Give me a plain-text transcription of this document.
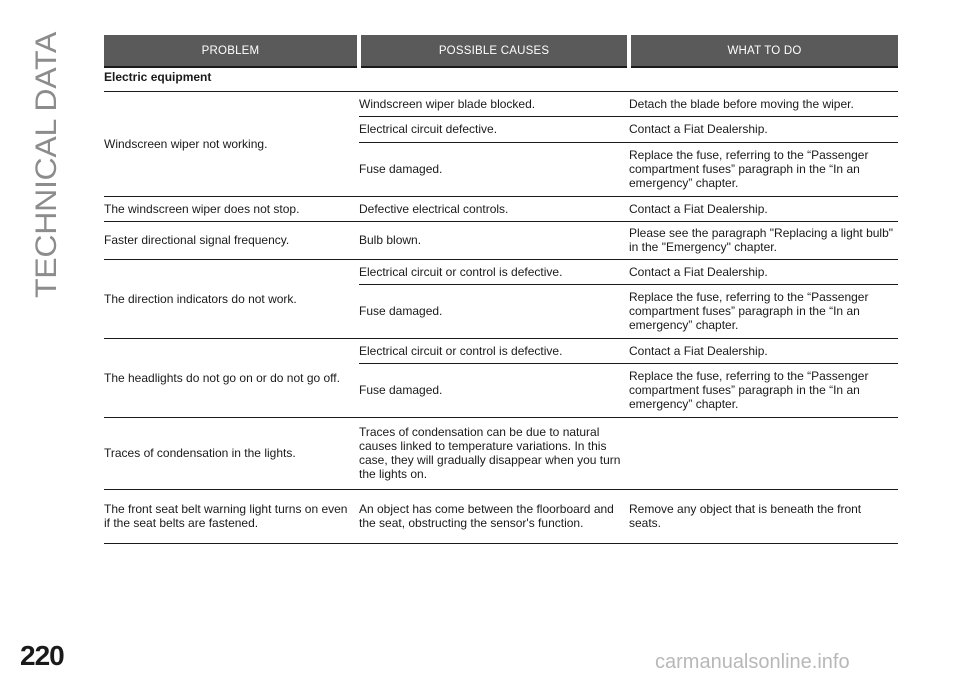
TECHNICAL DATA	PROBLEM	POSSIBLE CAUSES	WHAT TO DO
Electric equipment		
Windscreen wiper not working.	Windscreen wiper blade blocked.	Detach the blade before moving the wiper.
	Electrical circuit defective.	Contact a Fiat Dealership.
	Fuse damaged.	Replace the fuse, referring to the “Passenger compartment fuses” paragraph in the “In an emergency” chapter.
The windscreen wiper does not stop.	Defective electrical controls.	Contact a Fiat Dealership.
Faster directional signal frequency.	Bulb blown.	Please see the paragraph "Replacing a light bulb" in the "Emergency" chapter.
The direction indicators do not work.	Electrical circuit or control is defective.	Contact a Fiat Dealership.
	Fuse damaged.	Replace the fuse, referring to the “Passenger compartment fuses” paragraph in the “In an emergency” chapter.
The headlights do not go on or do not go off.	Electrical circuit or control is defective.	Contact a Fiat Dealership.
	Fuse damaged.	Replace the fuse, referring to the “Passenger compartment fuses” paragraph in the “In an emergency” chapter.
Traces of condensation in the lights.	Traces of condensation can be due to natural causes linked to temperature variations. In this case, they will gradually disappear when you turn the lights on.	
The front seat belt warning light turns on even if the seat belts are fastened.	An object has come between the floorboard and the seat, obstructing the sensor's function.	Remove any object that is beneath the front seats.
220	carmanualsonline.info
